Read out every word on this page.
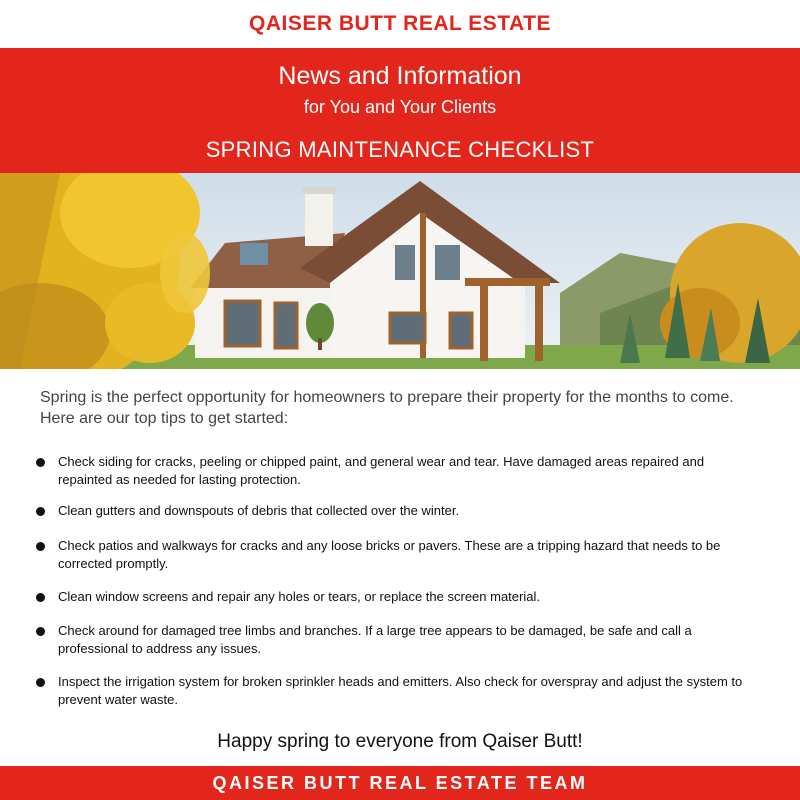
QAISER BUTT REAL ESTATE
News and Information
for You and Your Clients
SPRING MAINTENANCE CHECKLIST
Spring is the perfect opportunity for homeowners to prepare their property for the months to come. Here are our top tips to get started:
Check siding for cracks, peeling or chipped paint, and general wear and tear. Have damaged areas repaired and repainted as needed for lasting protection.
Clean gutters and downspouts of debris that collected over the winter.
Check patios and walkways for cracks and any loose bricks or pavers. These are a tripping hazard that needs to be corrected promptly.
Clean window screens and repair any holes or tears, or replace the screen material.
Check around for damaged tree limbs and branches. If a large tree appears to be damaged, be safe and call a professional to address any issues.
Inspect the irrigation system for broken sprinkler heads and emitters. Also check for overspray and adjust the system to prevent water waste.
Happy spring to everyone from Qaiser Butt!
QAISER BUTT REAL ESTATE TEAM
